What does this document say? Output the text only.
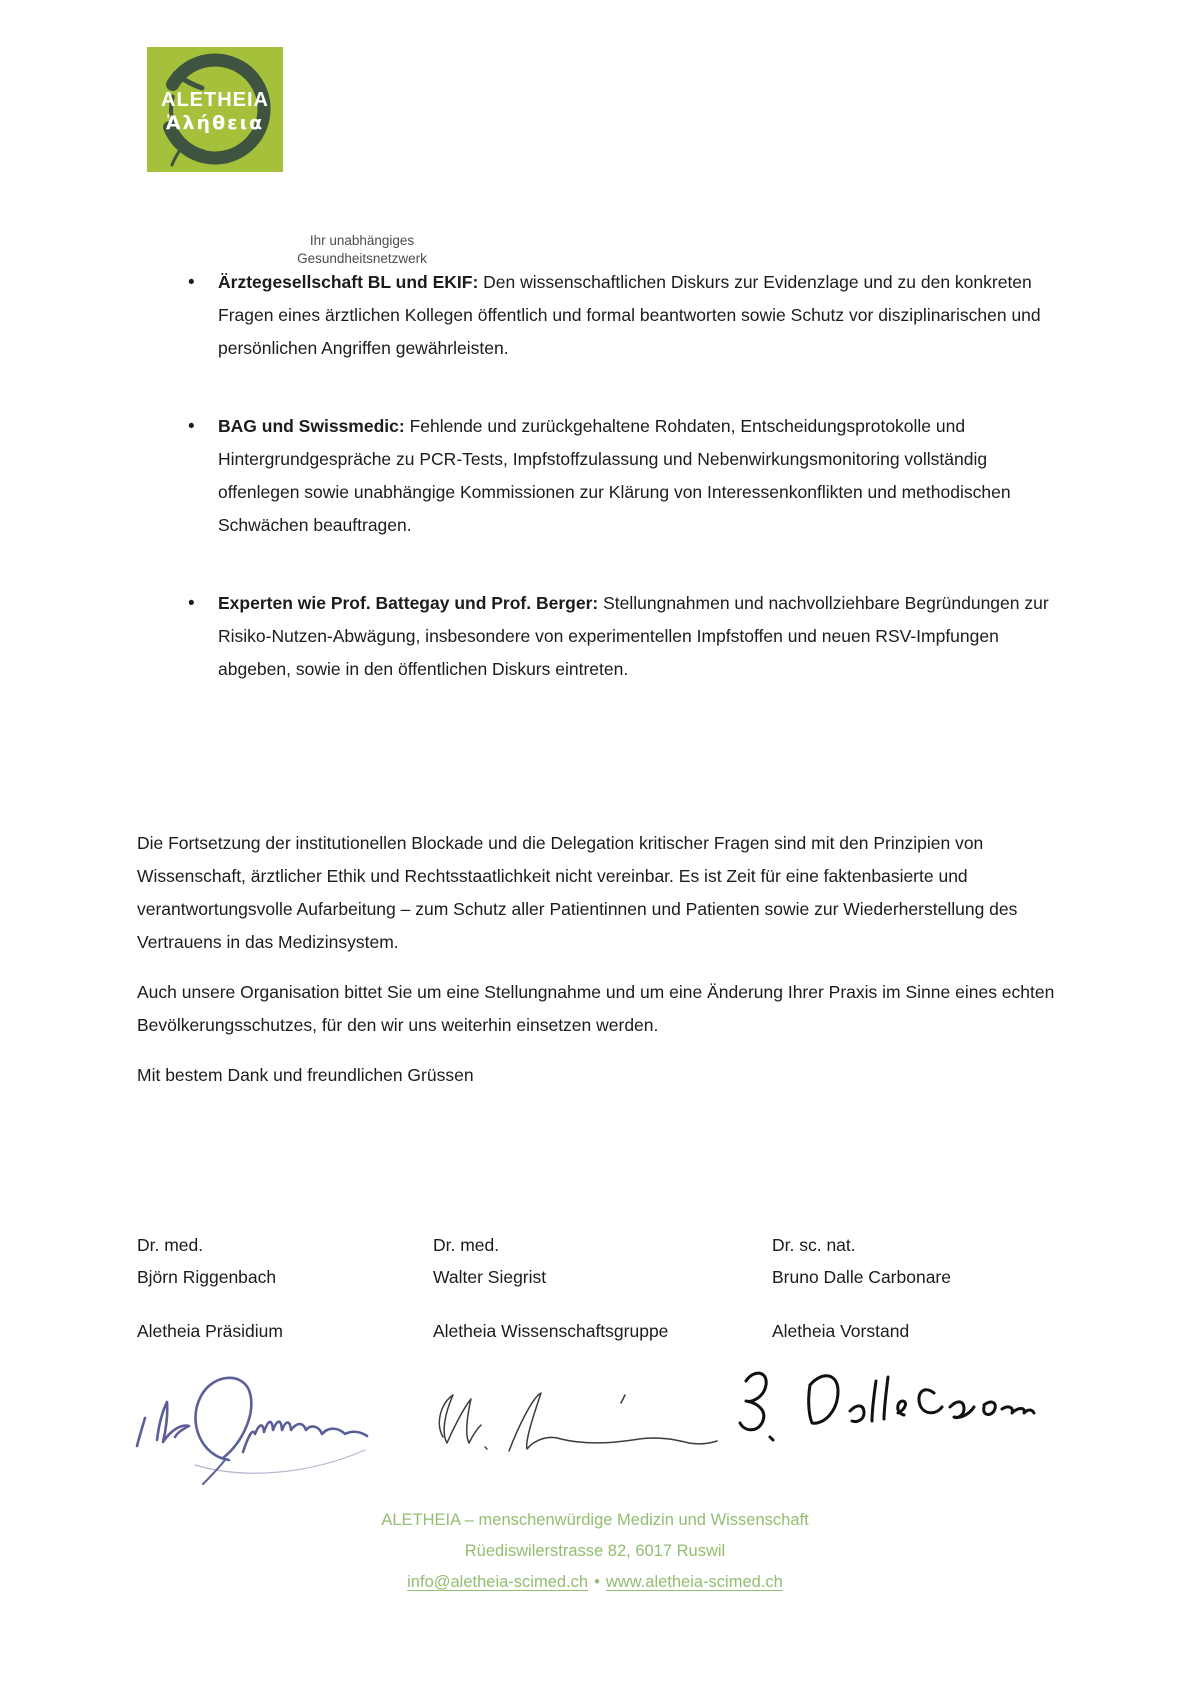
ALETHEIA
Ἀλήθεια
Ihr unabhängiges
Gesundheitsnetzwerk
• Ärztegesellschaft BL und EKIF: Den wissenschaftlichen Diskurs zur Evidenzlage und zu den konkreten Fragen eines ärztlichen Kollegen öffentlich und formal beantworten sowie Schutz vor disziplinarischen und persönlichen Angriffen gewährleisten.
• BAG und Swissmedic: Fehlende und zurückgehaltene Rohdaten, Entscheidungsprotokolle und Hintergrundgespräche zu PCR-Tests, Impfstoffzulassung und Nebenwirkungsmonitoring vollständig offenlegen sowie unabhängige Kommissionen zur Klärung von Interessenkonflikten und methodischen Schwächen beauftragen.
• Experten wie Prof. Battegay und Prof. Berger: Stellungnahmen und nachvollziehbare Begründungen zur Risiko-Nutzen-Abwägung, insbesondere von experimentellen Impfstoffen und neuen RSV-Impfungen abgeben, sowie in den öffentlichen Diskurs eintreten.

Die Fortsetzung der institutionellen Blockade und die Delegation kritischer Fragen sind mit den Prinzipien von Wissenschaft, ärztlicher Ethik und Rechtsstaatlichkeit nicht vereinbar. Es ist Zeit für eine faktenbasierte und verantwortungsvolle Aufarbeitung – zum Schutz aller Patientinnen und Patienten sowie zur Wiederherstellung des Vertrauens in das Medizinsystem.

Auch unsere Organisation bittet Sie um eine Stellungnahme und um eine Änderung Ihrer Praxis im Sinne eines echten Bevölkerungsschutzes, für den wir uns weiterhin einsetzen werden.

Mit bestem Dank und freundlichen Grüssen

Dr. med.
Björn Riggenbach
Aletheia Präsidium
Dr. med.
Walter Siegrist
Aletheia Wissenschaftsgruppe
Dr. sc. nat.
Bruno Dalle Carbonare
Aletheia Vorstand
ALETHEIA – menschenwürdige Medizin und Wissenschaft
Rüediswilerstrasse 82, 6017 Ruswil
info@aletheia-scimed.ch • www.aletheia-scimed.ch
